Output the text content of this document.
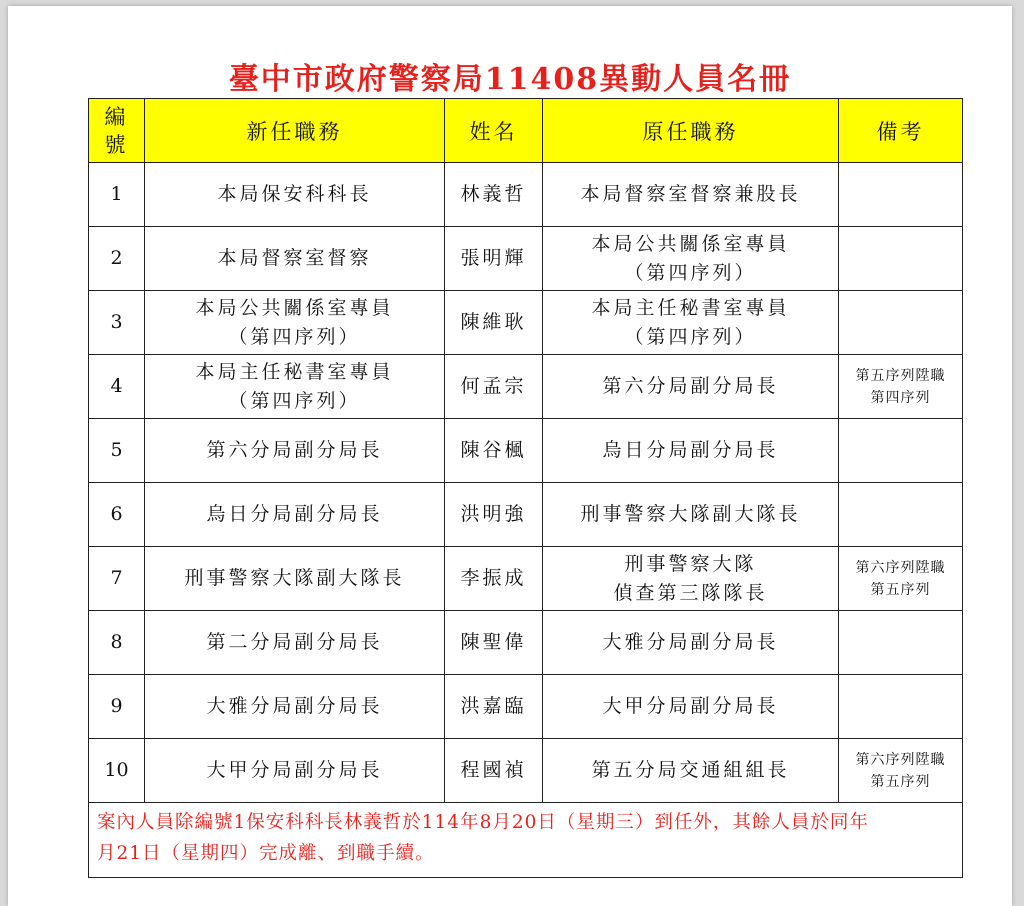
臺中市政府警察局11408異動人員名冊
編
號	新任職務	姓名	原任職務	備考
1	本局保安科科長	林義哲	本局督察室督察兼股長	

2	本局督察室督察	張明輝	本局公共關係室專員
（第四序列）	

3	本局公共關係室專員
（第四序列）	陳維耿	本局主任秘書室專員
（第四序列）	

4	本局主任秘書室專員
（第四序列）	何孟宗	第六分局副分局長	第五序列陞職
第四序列

5	第六分局副分局長	陳谷楓	烏日分局副分局長	

6	烏日分局副分局長	洪明強	刑事警察大隊副大隊長	

7	刑事警察大隊副大隊長	李振成	刑事警察大隊
偵查第三隊隊長	第六序列陞職
第五序列

8	第二分局副分局長	陳聖偉	大雅分局副分局長	

9	大雅分局副分局長	洪嘉臨	大甲分局副分局長	

10	大甲分局副分局長	程國禎	第五分局交通組組長	第六序列陞職
第五序列

案內人員除編號1保安科科長林義哲於114年8月20日（星期三）到任外，其餘人員於同年
月21日（星期四）完成離、到職手續。				
